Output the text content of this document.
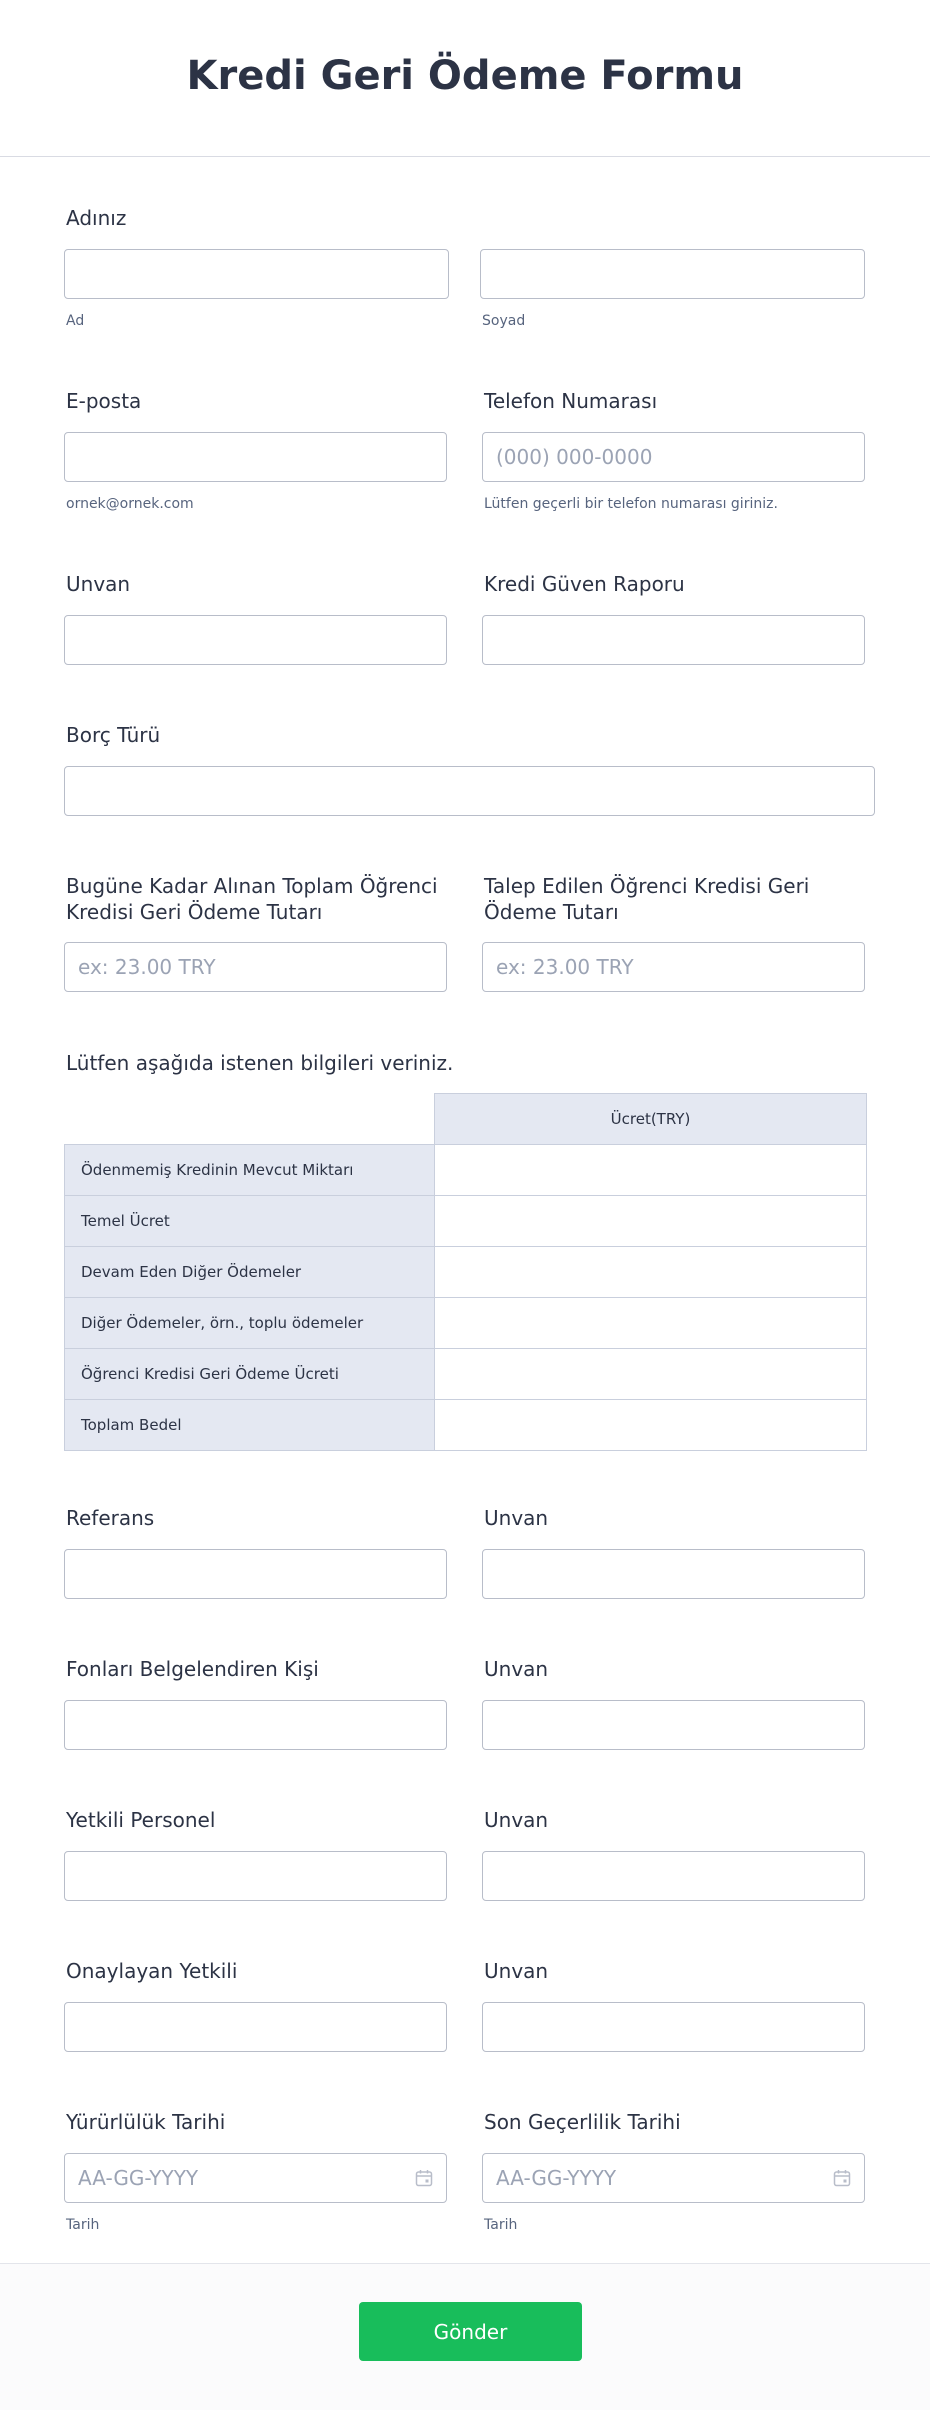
Kredi Geri Ödeme Formu
Adınız
Ad	Soyad
E-posta	Telefon Numarası
(000) 000-0000
ornek@ornek.com	Lütfen geçerli bir telefon numarası giriniz.
Unvan	Kredi Güven Raporu
Borç Türü
Bugüne Kadar Alınan Toplam Öğrenci
Kredisi Geri Ödeme Tutarı
Talep Edilen Öğrenci Kredisi Geri
Ödeme Tutarı
ex: 23.00 TRY
ex: 23.00 TRY
Lütfen aşağıda istenen bilgileri veriniz.
	Ücret(TRY)
Ödenmemiş Kredinin Mevcut Miktarı	
Temel Ücret	
Devam Eden Diğer Ödemeler	
Diğer Ödemeler, örn., toplu ödemeler	
Öğrenci Kredisi Geri Ödeme Ücreti	
Toplam Bedel	
Referans	Unvan
Fonları Belgelendiren Kişi	Unvan
Yetkili Personel	Unvan
Onaylayan Yetkili	Unvan
Yürürlülük Tarihi	Son Geçerlilik Tarihi
AA-GG-YYYY
AA-GG-YYYY
Tarih	Tarih
Gönder
